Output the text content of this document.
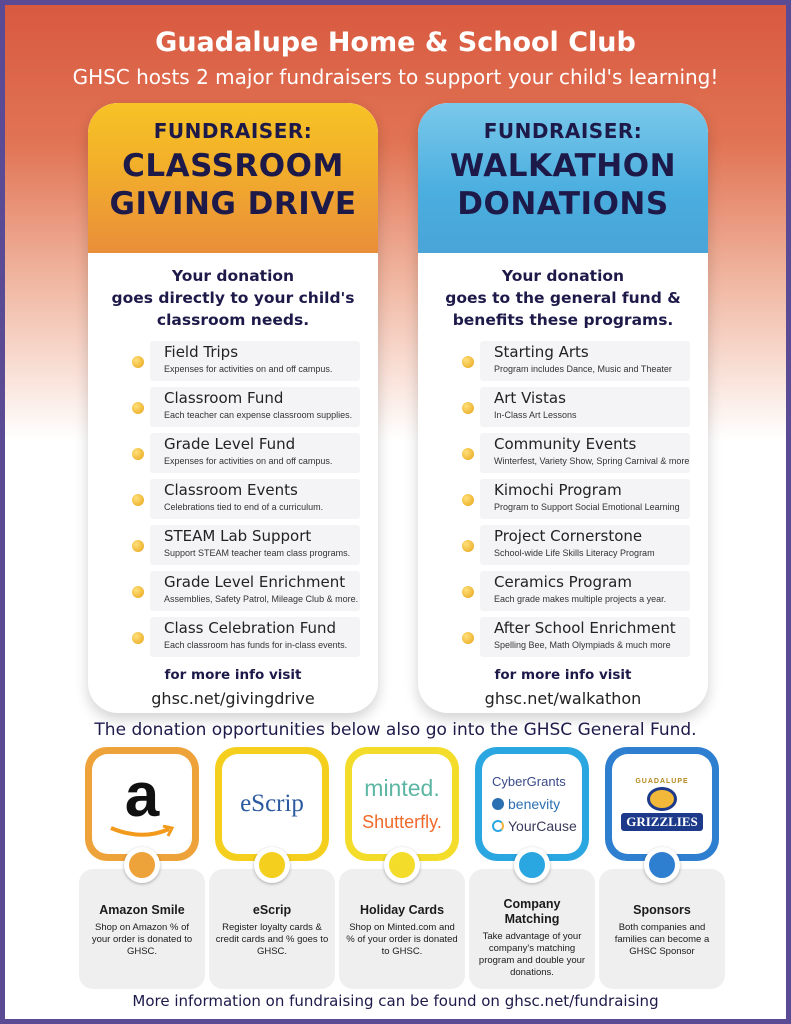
Guadalupe Home & School Club
GHSC hosts 2 major fundraisers to support your child's learning!
FUNDRAISER:
CLASSROOM
GIVING DRIVE
Your donation
goes directly to your child's
classroom needs.
Field Trips
Expenses for activities on and off campus.
Classroom Fund
Each teacher can expense classroom supplies.
Grade Level Fund
Expenses for activities on and off campus.
Classroom Events
Celebrations tied to end of a curriculum.
STEAM Lab Support
Support STEAM teacher team class programs.
Grade Level Enrichment
Assemblies, Safety Patrol, Mileage Club & more.
Class Celebration Fund
Each classroom has funds for in-class events.
for more info visit
ghsc.net/givingdrive
FUNDRAISER:
WALKATHON
DONATIONS
Your donation
goes to the general fund &
benefits these programs.
Starting Arts
Program includes Dance, Music and Theater
Art Vistas
In-Class Art Lessons
Community Events
Winterfest, Variety Show, Spring Carnival & more
Kimochi Program
Program to Support Social Emotional Learning
Project Cornerstone
School-wide Life Skills Literacy Program
Ceramics Program
Each grade makes multiple projects a year.
After School Enrichment
Spelling Bee, Math Olympiads & much more
for more info visit
ghsc.net/walkathon
The donation opportunities below also go into the GHSC General Fund.
a
Amazon Smile
Shop on Amazon % of your order is donated to GHSC.
eScrip
eScrip
Register loyalty cards & credit cards and % goes to GHSC.
minted.
Shutterfly.
Holiday Cards
Shop on Minted.com and % of your order is donated to GHSC.
CyberGrants
benevity
YourCause
Company Matching
Take advantage of your company's matching program and double your donations.
GUADALUPE
GRIZZLIES
Sponsors
Both companies and families can become a GHSC Sponsor
More information on fundraising can be found on ghsc.net/fundraising
